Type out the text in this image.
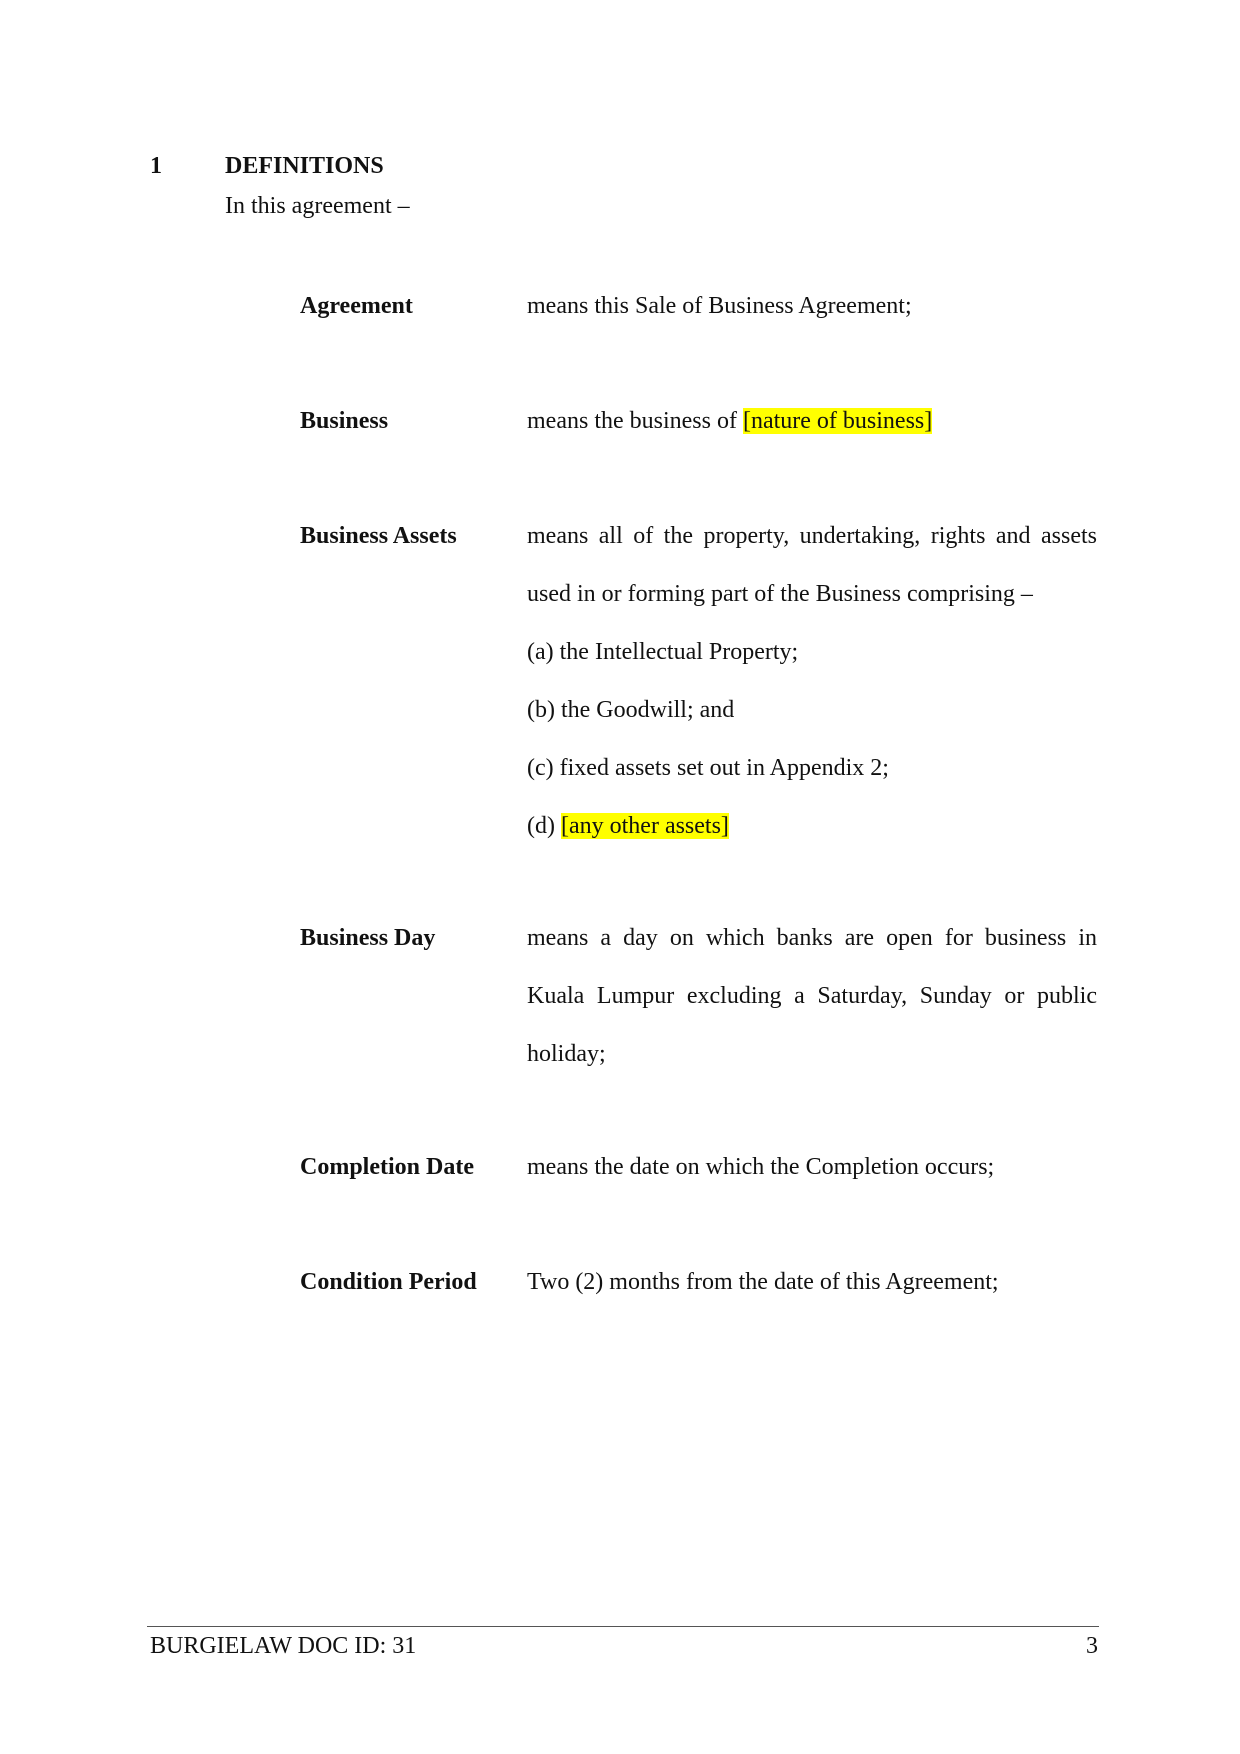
1	DEFINITIONS
In this agreement –
Agreement	means this Sale of Business Agreement;
Business	means the business of [nature of business]
Business Assets	means all of the property, undertaking, rights and assets
used in or forming part of the Business comprising –
(a) the Intellectual Property;
(b) the Goodwill; and
(c) fixed assets set out in Appendix 2;
(d) [any other assets]
Business Day	means a day on which banks are open for business in
Kuala Lumpur excluding a Saturday, Sunday or public
holiday;
Completion Date	means the date on which the Completion occurs;
Condition Period	Two (2) months from the date of this Agreement;
BURGIELAW DOC ID: 31	3
